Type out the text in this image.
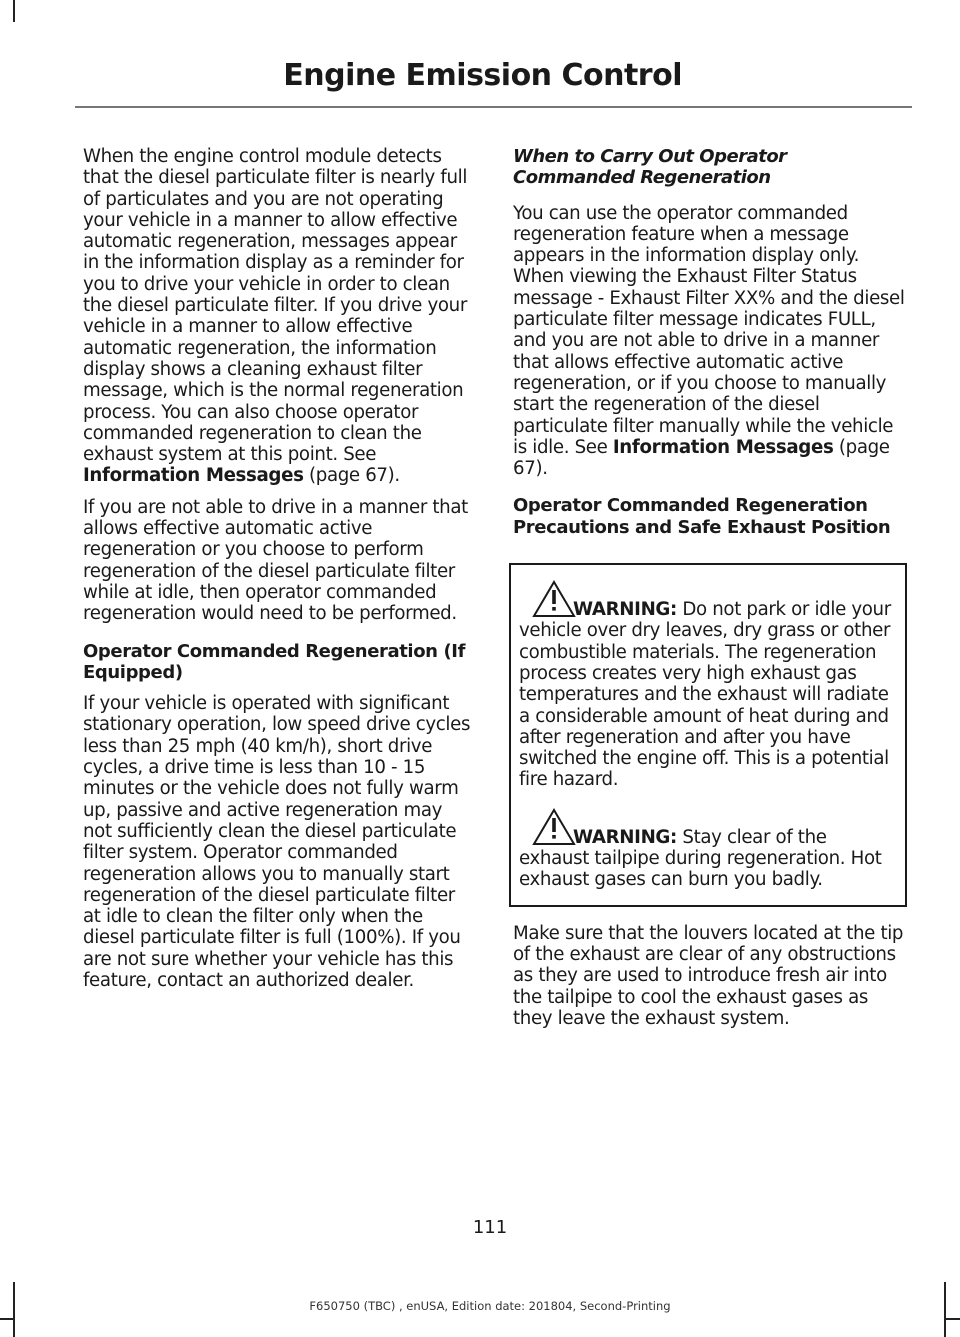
Engine Emission Control

When the engine control module detects that the diesel particulate filter is nearly full of particulates and you are not operating your vehicle in a manner to allow effective automatic regeneration, messages appear in the information display as a reminder for you to drive your vehicle in order to clean the diesel particulate filter. If you drive your vehicle in a manner to allow effective automatic regeneration, the information display shows a cleaning exhaust filter message, which is the normal regeneration process. You can also choose operator commanded regeneration to clean the exhaust system at this point. See Information Messages (page 67).

If you are not able to drive in a manner that allows effective automatic active regeneration or you choose to perform regeneration of the diesel particulate filter while at idle, then operator commanded regeneration would need to be performed.

Operator Commanded Regeneration (If Equipped)

If your vehicle is operated with significant stationary operation, low speed drive cycles less than 25 mph (40 km/h), short drive cycles, a drive time is less than 10 - 15 minutes or the vehicle does not fully warm up, passive and active regeneration may not sufficiently clean the diesel particulate filter system. Operator commanded regeneration allows you to manually start regeneration of the diesel particulate filter at idle to clean the filter only when the diesel particulate filter is full (100%). If you are not sure whether your vehicle has this feature, contact an authorized dealer.

When to Carry Out Operator Commanded Regeneration

You can use the operator commanded regeneration feature when a message appears in the information display only. When viewing the Exhaust Filter Status message - Exhaust Filter XX% and the diesel particulate filter message indicates FULL, and you are not able to drive in a manner that allows effective automatic active regeneration, or if you choose to manually start the regeneration of the diesel particulate filter manually while the vehicle is idle. See Information Messages (page 67).

Operator Commanded Regeneration Precautions and Safe Exhaust Position

WARNING: Do not park or idle your vehicle over dry leaves, dry grass or other combustible materials. The regeneration process creates very high exhaust gas temperatures and the exhaust will radiate a considerable amount of heat during and after regeneration and after you have switched the engine off. This is a potential fire hazard.

WARNING: Stay clear of the exhaust tailpipe during regeneration. Hot exhaust gases can burn you badly.

Make sure that the louvers located at the tip of the exhaust are clear of any obstructions as they are used to introduce fresh air into the tailpipe to cool the exhaust gases as they leave the exhaust system.

111
F650750 (TBC) , enUSA, Edition date: 201804, Second-Printing
